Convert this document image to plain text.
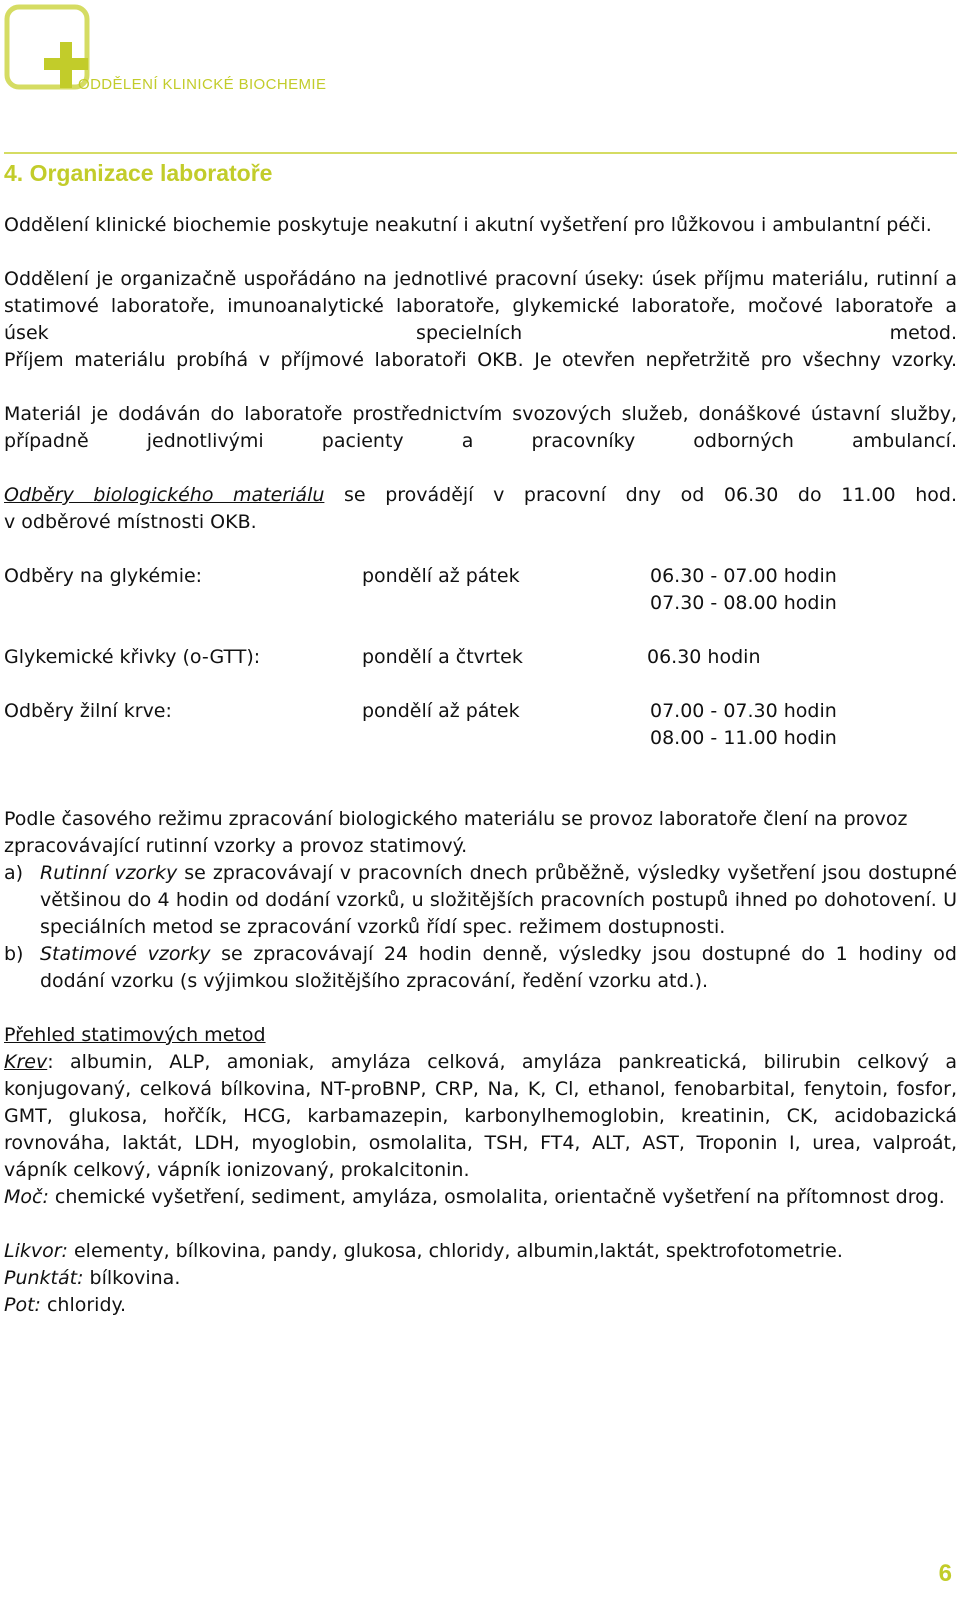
ODDĚLENÍ KLINICKÉ BIOCHEMIE
4. Organizace laboratoře

Oddělení klinické biochemie poskytuje neakutní i akutní vyšetření pro lůžkovou i ambulantní péči.

Oddělení je organizačně uspořádáno na jednotlivé pracovní úseky: úsek příjmu materiálu, rutinní a statimové laboratoře, imunoanalytické laboratoře, glykemické laboratoře, močové laboratoře a úsek specielních metod.

Příjem materiálu probíhá v příjmové laboratoři OKB. Je otevřen nepřetržitě pro všechny vzorky.

Materiál je dodáván do laboratoře prostřednictvím svozových služeb, donáškové ústavní služby, případně jednotlivými pacienty a pracovníky odborných ambulancí.

Odběry biologického materiálu se provádějí v pracovní dny od 06.30 do 11.00 hod.

v odběrové místnosti OKB.

Odběry na glykémie:	pondělí až pátek	06.30 - 07.00 hodin
07.30 - 08.00 hodin
Glykemické křivky (o-GTT):	pondělí a čtvrtek	06.30 hodin
Odběry žilní krve:	pondělí až pátek	07.00 - 07.30 hodin
08.00 - 11.00 hodin

Podle časového režimu zpracování biologického materiálu se provoz laboratoře člení na provoz zpracovávající rutinní vzorky a provoz statimový.

a) Rutinní vzorky se zpracovávají v pracovních dnech průběžně, výsledky vyšetření jsou dostupné většinou do 4 hodin od dodání vzorků, u složitějších pracovních postupů ihned po dohotovení. U speciálních metod se zpracování vzorků řídí spec. režimem dostupnosti.
b) Statimové vzorky se zpracovávají 24 hodin denně, výsledky jsou dostupné do 1 hodiny od dodání vzorku (s výjimkou složitějšího zpracování, ředění vzorku atd.).

Přehled statimových metod

Krev: albumin, ALP, amoniak, amyláza celková, amyláza pankreatická, bilirubin celkový a konjugovaný, celková bílkovina, NT-proBNP, CRP, Na, K, Cl, ethanol, fenobarbital, fenytoin, fosfor, GMT, glukosa, hořčík, HCG, karbamazepin, karbonylhemoglobin, kreatinin, CK, acidobazická rovnováha, laktát, LDH, myoglobin, osmolalita, TSH, FT4, ALT, AST, Troponin I, urea, valproát, vápník celkový, vápník ionizovaný, prokalcitonin.

Moč: chemické vyšetření, sediment, amyláza, osmolalita, orientačně vyšetření na přítomnost drog.

Likvor: elementy, bílkovina, pandy, glukosa, chloridy, albumin,laktát, spektrofotometrie.

Punktát: bílkovina.

Pot: chloridy.

6
